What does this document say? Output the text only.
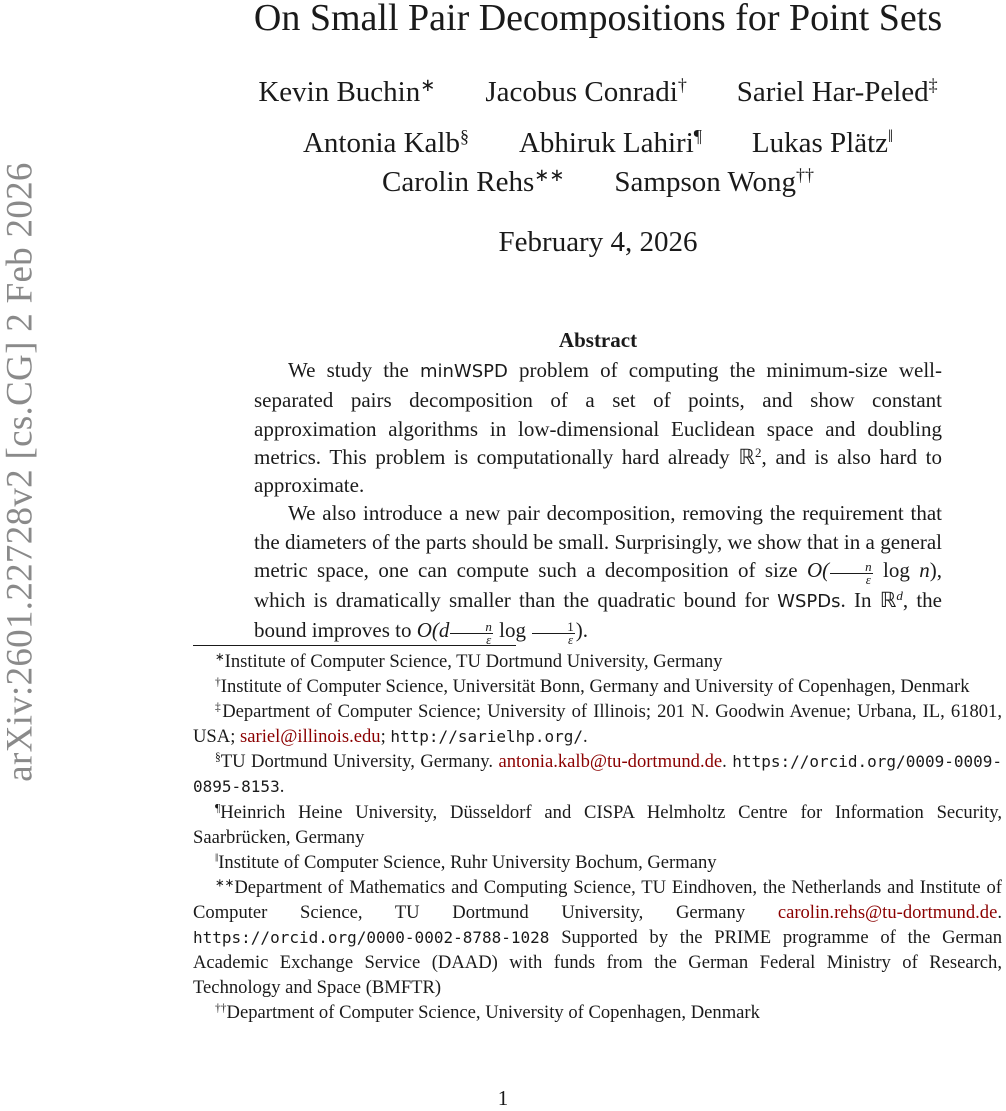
arXiv:2601.22728v2 [cs.CG] 2 Feb 2026
On Small Pair Decompositions for Point Sets
Kevin Buchin∗ Jacobus Conradi† Sariel Har-Peled‡
Antonia Kalb§ Abhiruk Lahiri¶ Lukas Plätz‖
Carolin Rehs∗∗ Sampson Wong††
February 4, 2026
Abstract

We study the minWSPD problem of computing the minimum-size well-separated pairs decomposition of a set of points, and show constant approximation algorithms in low-dimensional Euclidean space and doubling metrics. This problem is computationally hard already ℝ$^2$, and is also hard to approximate.

We also introduce a new pair decomposition, removing the requirement that the diameters of the parts should be small. Surprisingly, we show that in a general metric space, one can compute such a decomposition of size $O( \frac{n}{\varepsilon}$ log n), which is dramatically smaller than the quadratic bound for WSPDs. In ℝ$^d$, the bound improves to $O(d \frac{n}{\varepsilon}$ $\log \frac{1}{\varepsilon}$ ).

∗Institute of Computer Science, TU Dortmund University, Germany

†Institute of Computer Science, Universität Bonn, Germany and University of Copenhagen, Denmark

‡Department of Computer Science; University of Illinois; 201 N. Goodwin Avenue; Urbana, IL, 61801, USA; sariel@illinois.edu; http://sarielhp.org/.

§TU Dortmund University, Germany. antonia.kalb@tu-dortmund.de. https://orcid.org/0009-0009-0895-8153.

¶Heinrich Heine University, Düsseldorf and CISPA Helmholtz Centre for Information Security, Saarbrücken, Germany

‖Institute of Computer Science, Ruhr University Bochum, Germany

∗∗Department of Mathematics and Computing Science, TU Eindhoven, the Netherlands and Institute of Computer Science, TU Dortmund University, Germany carolin.rehs@tu-dortmund.de. https://orcid.org/0000-0002-8788-1028 Supported by the PRIME programme of the German Academic Exchange Service (DAAD) with funds from the German Federal Ministry of Research, Technology and Space (BMFTR)

††Department of Computer Science, University of Copenhagen, Denmark

1
